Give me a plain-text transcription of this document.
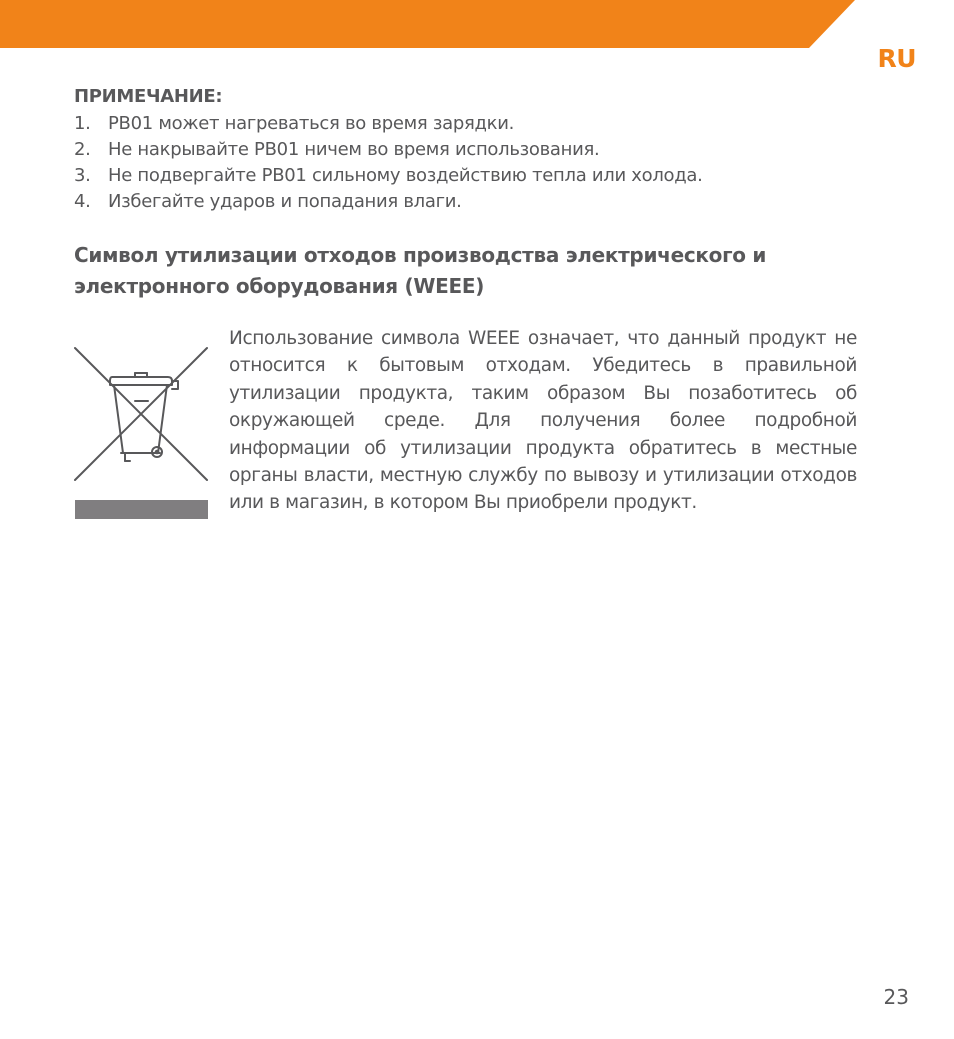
RU
ПРИМЕЧАНИЕ:
1. PB01 может нагреваться во время зарядки.
2. Не накрывайте PB01 ничем во время использования.
3. Не подвергайте PB01 сильному воздействию тепла или холода.
4. Избегайте ударов и попадания влаги.
Символ утилизации отходов производства электрического и электронного оборудования (WEEE)

Использование символа WEEE означает, что данный продукт не относится к бытовым отходам. Убедитесь в правильной утилизации продукта, таким образом Вы позаботитесь об окружающей среде. Для получения более подробной информации об утилизации продукта обратитесь в местные органы власти, местную службу по вывозу и утилизации отходов или в магазин, в котором Вы приобрели продукт.

23
